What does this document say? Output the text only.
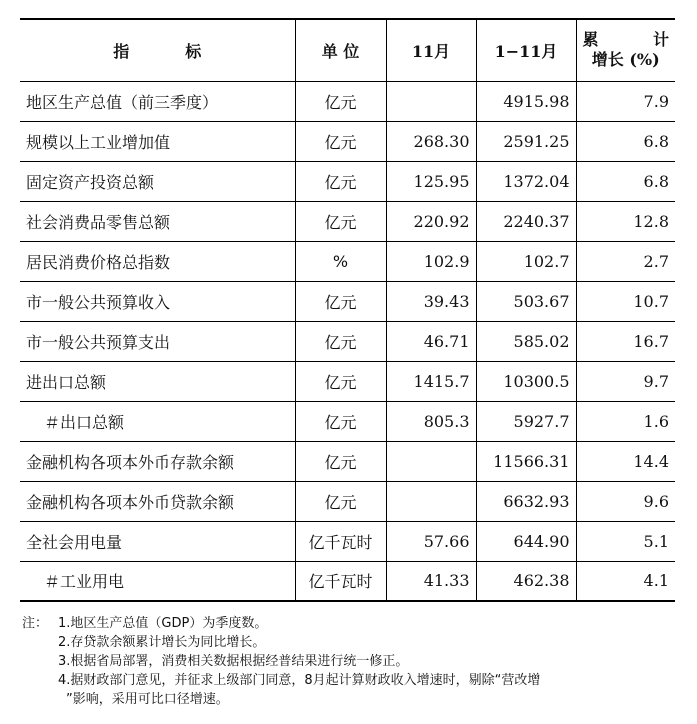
指 标	单 位	11月	1−11月	累 计
增长 (%)

地区生产总值（前三季度）	亿元		4915.98	7.9
规模以上工业增加值	亿元	268.30	2591.25	6.8
固定资产投资总额	亿元	125.95	1372.04	6.8
社会消费品零售总额	亿元	220.92	2240.37	12.8
居民消费价格总指数	%	102.9	102.7	2.7
市一般公共预算收入	亿元	39.43	503.67	10.7
市一般公共预算支出	亿元	46.71	585.02	16.7
进出口总额	亿元	1415.7	10300.5	9.7
＃出口总额	亿元	805.3	5927.7	1.6
金融机构各项本外币存款余额	亿元		11566.31	14.4
金融机构各项本外币贷款余额	亿元		6632.93	9.6
全社会用电量	亿千瓦时	57.66	644.90	5.1
＃工业用电	亿千瓦时	41.33	462.38	4.1
注： 1.地区生产总值（GDP）为季度数。
2.存贷款余额累计增长为同比增长。
3.根据省局部署，消费相关数据根据经普结果进行统一修正。
4.据财政部门意见，并征求上级部门同意，8月起计算财政收入增速时，剔除“营改增
”影响，采用可比口径增速。
